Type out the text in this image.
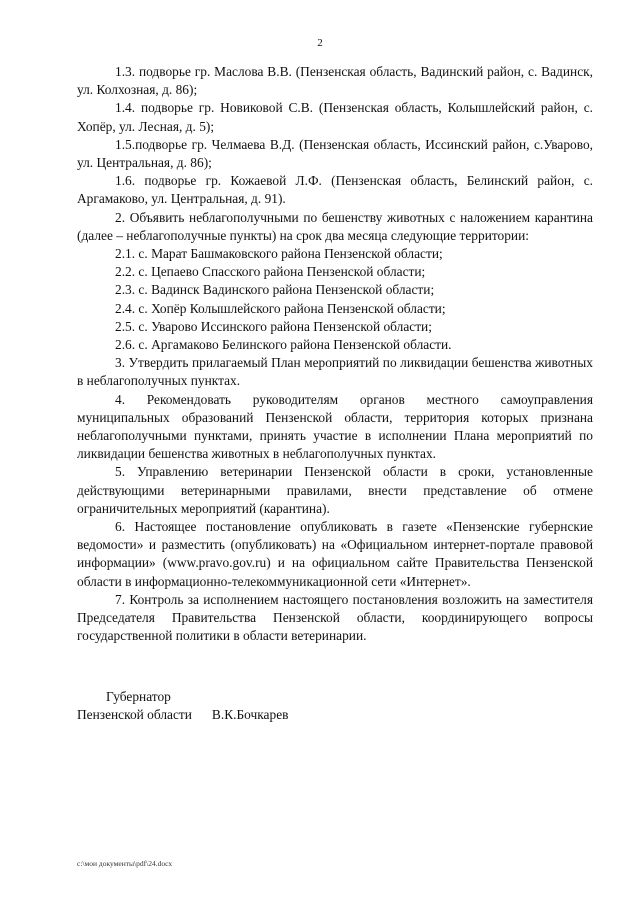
2

1.3. подворье гр. Маслова В.В. (Пензенская область, Вадинский район, с. Вадинск, ул. Колхозная, д. 86);

1.4. подворье гр. Новиковой С.В. (Пензенская область, Колышлейский район, с. Хопёр, ул. Лесная, д. 5);

1.5.подворье гр. Челмаева В.Д. (Пензенская область, Иссинский район, с.Уварово, ул. Центральная, д. 86);

1.6. подворье гр. Кожаевой Л.Ф. (Пензенская область, Белинский район, с. Аргамаково, ул. Центральная, д. 91).

2. Объявить неблагополучными по бешенству животных с наложением карантина (далее – неблагополучные пункты) на срок два месяца следующие территории:

2.1. с. Марат Башмаковского района Пензенской области;

2.2. с. Цепаево Спасского района Пензенской области;

2.3. с. Вадинск Вадинского района Пензенской области;

2.4. с. Хопёр Колышлейского района Пензенской области;

2.5. с. Уварово Иссинского района Пензенской области;

2.6. с. Аргамаково Белинского района Пензенской области.

3. Утвердить прилагаемый План мероприятий по ликвидации бешенства животных в неблагополучных пунктах.

4. Рекомендовать руководителям органов местного самоуправления муниципальных образований Пензенской области, территория которых признана неблагополучными пунктами, принять участие в исполнении Плана мероприятий по ликвидации бешенства животных в неблагополучных пунктах.

5. Управлению ветеринарии Пензенской области в сроки, установленные действующими ветеринарными правилами, внести представление об отмене ограничительных мероприятий (карантина).

6. Настоящее постановление опубликовать в газете «Пензенские губернские ведомости» и разместить (опубликовать) на «Официальном интернет-портале правовой информации» (www.pravo.gov.ru) и на официальном сайте Правительства Пензенской области в информационно-телекоммуникационной сети «Интернет».

7. Контроль за исполнением настоящего постановления возложить на заместителя Председателя Правительства Пензенской области, координирующего вопросы государственной политики в области ветеринарии.

Губернатор
Пензенской области В.К.Бочкарев
c:\мои документы\pdf\24.docx
